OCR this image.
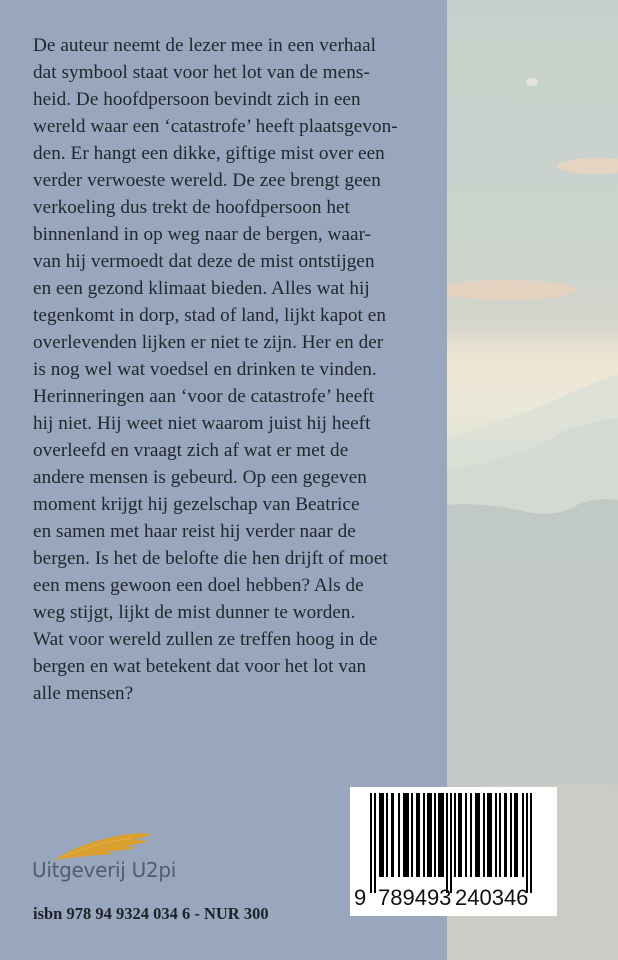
De auteur neemt de lezer mee in een verhaal
dat symbool staat voor het lot van de mens-
heid. De hoofdpersoon bevindt zich in een
wereld waar een ‘catastrofe’ heeft plaatsgevon-
den. Er hangt een dikke, giftige mist over een
verder verwoeste wereld. De zee brengt geen
verkoeling dus trekt de hoofdpersoon het
binnenland in op weg naar de bergen, waar-
van hij vermoedt dat deze de mist ontstijgen
en een gezond klimaat bieden. Alles wat hij
tegenkomt in dorp, stad of land, lijkt kapot en
overlevenden lijken er niet te zijn. Her en der
is nog wel wat voedsel en drinken te vinden.
Herinneringen aan ‘voor de catastrofe’ heeft
hij niet. Hij weet niet waarom juist hij heeft
overleefd en vraagt zich af wat er met de
andere mensen is gebeurd. Op een gegeven
moment krijgt hij gezelschap van Beatrice
en samen met haar reist hij verder naar de
bergen. Is het de belofte die hen drijft of moet
een mens gewoon een doel hebben? Als de
weg stijgt, lijkt de mist dunner te worden.
Wat voor wereld zullen ze treffen hoog in de
bergen en wat betekent dat voor het lot van
alle mensen?
Uitgeverij U2pi
isbn 978 94 9324 034 6 - NUR 300
9 789493 240346
